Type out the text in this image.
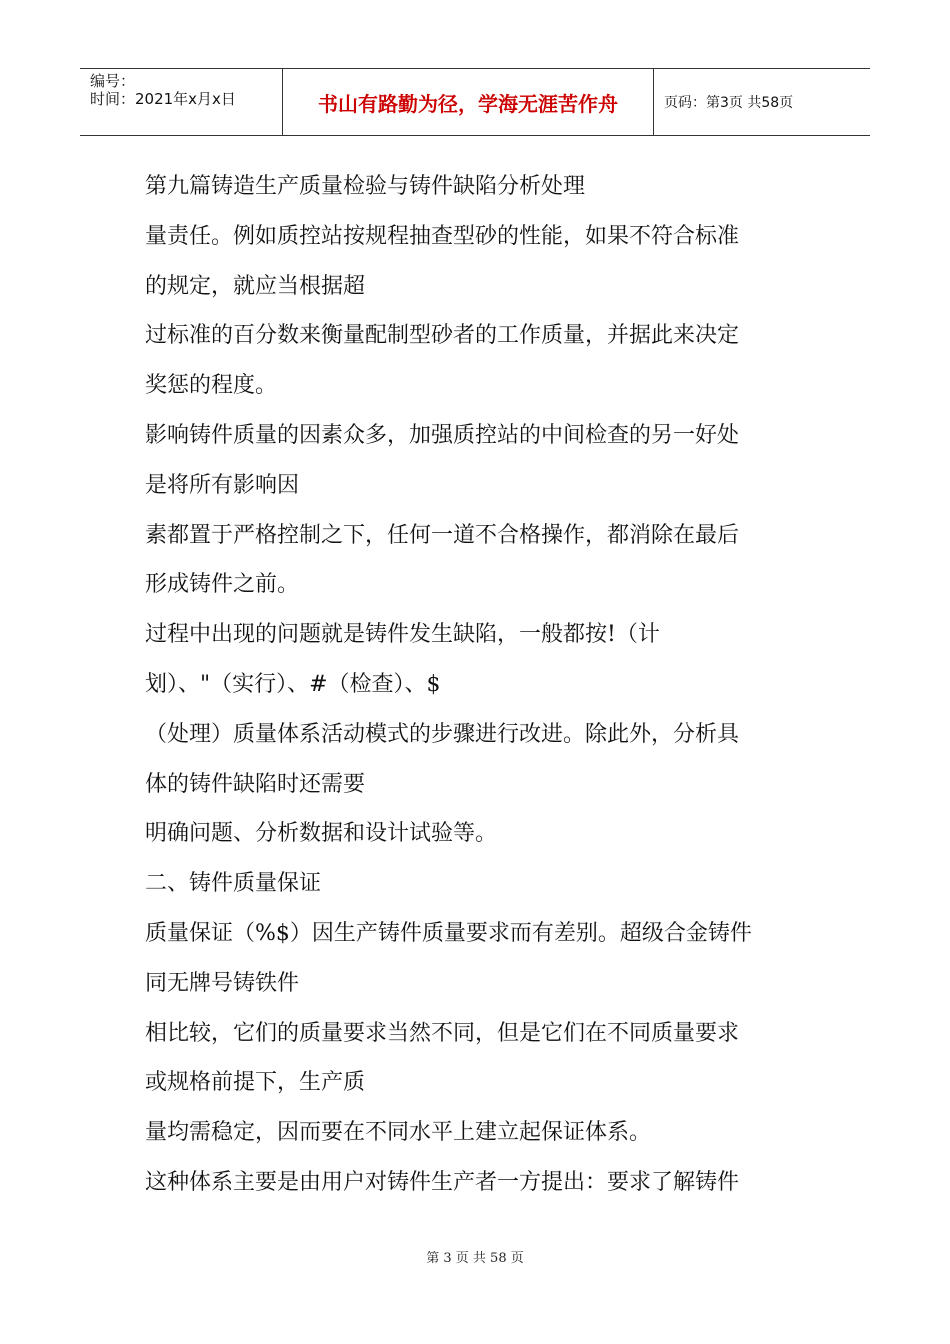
编号：
时间：2021年x月x日	书山有路勤为径，学海无涯苦作舟	页码：第3页 共58页
第九篇铸造生产质量检验与铸件缺陷分析处理
量责任。例如质控站按规程抽查型砂的性能，如果不符合标准
的规定，就应当根据超
过标准的百分数来衡量配制型砂者的工作质量，并据此来决定
奖惩的程度。
影响铸件质量的因素众多，加强质控站的中间检查的另一好处
是将所有影响因
素都置于严格控制之下，任何一道不合格操作，都消除在最后
形成铸件之前。
过程中出现的问题就是铸件发生缺陷，一般都按!（计
划）、"（实行）、#（检查）、$
（处理）质量体系活动模式的步骤进行改进。除此外，分析具
体的铸件缺陷时还需要
明确问题、分析数据和设计试验等。
二、铸件质量保证
质量保证（%$）因生产铸件质量要求而有差别。超级合金铸件
同无牌号铸铁件
相比较，它们的质量要求当然不同，但是它们在不同质量要求
或规格前提下，生产质
量均需稳定，因而要在不同水平上建立起保证体系。
这种体系主要是由用户对铸件生产者一方提出：要求了解铸件
第 3 页 共 58 页
